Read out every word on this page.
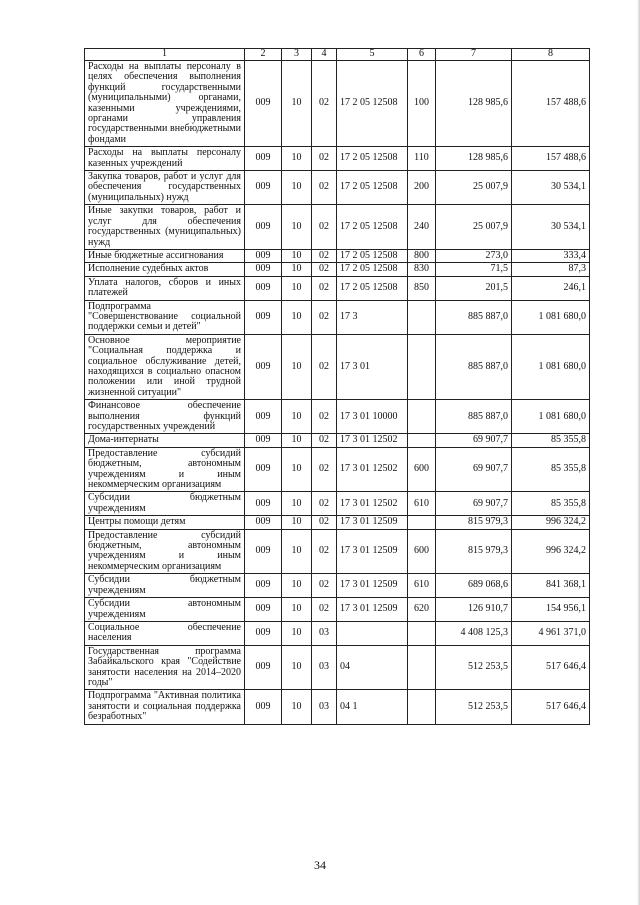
1	2	3	4	5	6	7	8
Расходы на выплаты персоналу в целях обеспечения выполнения функций государственными (муниципальными) органами, казенными учреждениями, органами управления государственными внебюджетными фондами	009	10	02	17 2 05 12508	100	128 985,6	157 488,6
Расходы на выплаты персоналу казенных учреждений	009	10	02	17 2 05 12508	110	128 985,6	157 488,6
Закупка товаров, работ и услуг для обеспечения государственных (муниципальных) нужд	009	10	02	17 2 05 12508	200	25 007,9	30 534,1
Иные закупки товаров, работ и услуг для обеспечения государственных (муниципальных) нужд	009	10	02	17 2 05 12508	240	25 007,9	30 534,1
Иные бюджетные ассигнования	009	10	02	17 2 05 12508	800	273,0	333,4
Исполнение судебных актов	009	10	02	17 2 05 12508	830	71,5	87,3
Уплата налогов, сборов и иных платежей	009	10	02	17 2 05 12508	850	201,5	246,1
Подпрограмма "Совершенствование социальной поддержки семьи и детей"	009	10	02	17 3		885 887,0	1 081 680,0
Основное мероприятие "Социальная поддержка и социальное обслуживание детей, находящихся в социально опасном положении или иной трудной жизненной ситуации"	009	10	02	17 3 01		885 887,0	1 081 680,0
Финансовое обеспечение выполнения функций государственных учреждений	009	10	02	17 3 01 10000		885 887,0	1 081 680,0
Дома-интернаты	009	10	02	17 3 01 12502		69 907,7	85 355,8
Предоставление субсидий бюджетным, автономным учреждениям и иным некоммерческим организациям	009	10	02	17 3 01 12502	600	69 907,7	85 355,8
Субсидии бюджетным учреждениям	009	10	02	17 3 01 12502	610	69 907,7	85 355,8
Центры помощи детям	009	10	02	17 3 01 12509		815 979,3	996 324,2
Предоставление субсидий бюджетным, автономным учреждениям и иным некоммерческим организациям	009	10	02	17 3 01 12509	600	815 979,3	996 324,2
Субсидии бюджетным учреждениям	009	10	02	17 3 01 12509	610	689 068,6	841 368,1
Субсидии автономным учреждениям	009	10	02	17 3 01 12509	620	126 910,7	154 956,1
Социальное обеспечение населения	009	10	03			4 408 125,3	4 961 371,0
Государственная программа Забайкальского края "Содействие занятости населения на 2014–2020 годы"	009	10	03	04		512 253,5	517 646,4
Подпрограмма "Активная политика занятости и социальная поддержка безработных"	009	10	03	04 1		512 253,5	517 646,4
34
